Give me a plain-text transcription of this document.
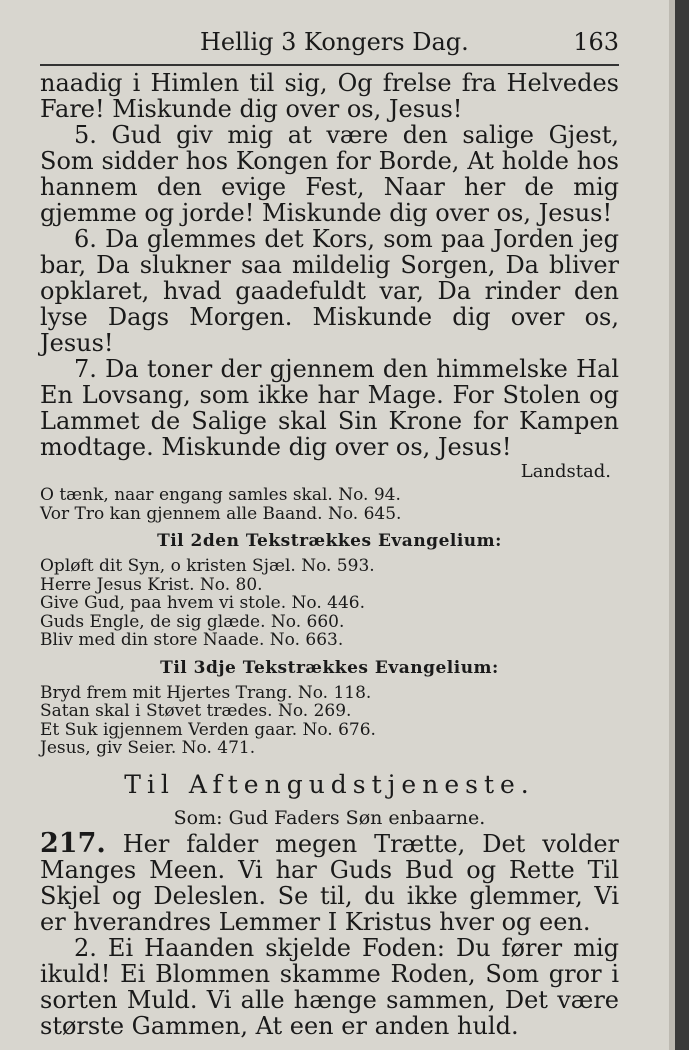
Hellig 3 Kongers Dag.	163

naadig i Himlen til sig, Og frelse fra Helvedes Fare! Miskunde dig over os, Jesus!

5. Gud giv mig at være den salige Gjest, Som sidder hos Kongen for Borde, At holde hos hannem den evige Fest, Naar her de mig gjemme og jorde! Miskunde dig over os, Jesus!

6. Da glemmes det Kors, som paa Jorden jeg bar, Da slukner saa mildelig Sorgen, Da bliver opklaret, hvad gaadefuldt var, Da rinder den lyse Dags Morgen. Miskunde dig over os, Jesus!

7. Da toner der gjennem den himmelske Hal En Lovsang, som ikke har Mage. For Stolen og Lammet de Salige skal Sin Krone for Kampen modtage. Miskunde dig over os, Jesus!

Landstad.

O tænk, naar engang samles skal. No. 94.

Vor Tro kan gjennem alle Baand. No. 645.

Til 2den Tekstrækkes Evangelium:

Opløft dit Syn, o kristen Sjæl. No. 593.

Herre Jesus Krist. No. 80.

Give Gud, paa hvem vi stole. No. 446.

Guds Engle, de sig glæde. No. 660.

Bliv med din store Naade. No. 663.

Til 3dje Tekstrækkes Evangelium:

Bryd frem mit Hjertes Trang. No. 118.

Satan skal i Støvet trædes. No. 269.

Et Suk igjennem Verden gaar. No. 676.

Jesus, giv Seier. No. 471.

Til Aftengudstjeneste.
Som: Gud Faders Søn enbaarne.

217. Her falder megen Trætte, Det volder Manges Meen. Vi har Guds Bud og Rette Til Skjel og Deleslen. Se til, du ikke glemmer, Vi er hverandres Lemmer I Kristus hver og een.

2. Ei Haanden skjelde Foden: Du fører mig ikuld! Ei Blommen skamme Roden, Som gror i sorten Muld. Vi alle hænge sammen, Det være største Gammen, At een er anden huld.
